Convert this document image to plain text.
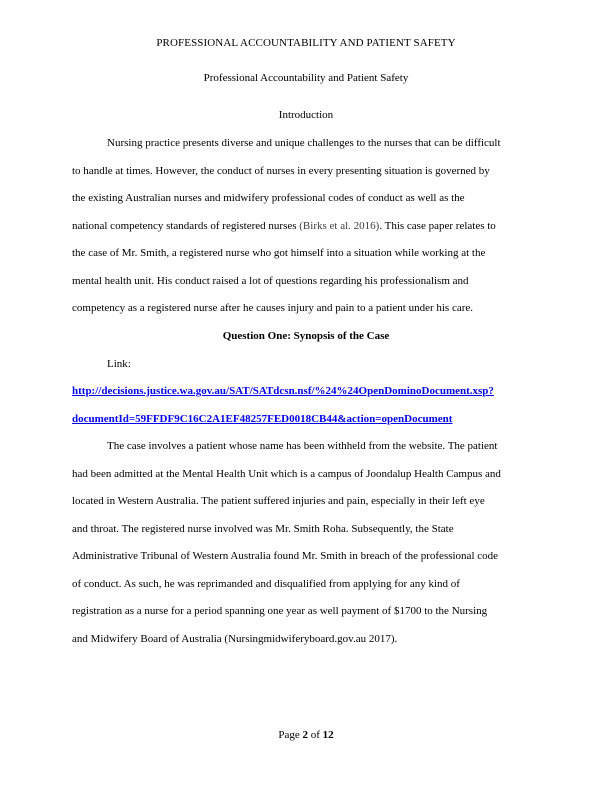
PROFESSIONAL ACCOUNTABILITY AND PATIENT SAFETY
Professional Accountability and Patient Safety
Introduction
Nursing practice presents diverse and unique challenges to the nurses that can be difficult
to handle at times. However, the conduct of nurses in every presenting situation is governed by
the existing Australian nurses and midwifery professional codes of conduct as well as the
national competency standards of registered nurses (Birks et al. 2016). This case paper relates to
the case of Mr. Smith, a registered nurse who got himself into a situation while working at the
mental health unit. His conduct raised a lot of questions regarding his professionalism and
competency as a registered nurse after he causes injury and pain to a patient under his care.
Question One: Synopsis of the Case
Link:
http://decisions.justice.wa.gov.au/SAT/SATdcsn.nsf/%24%24OpenDominoDocument.xsp?
documentId=59FFDF9C16C2A1EF48257FED0018CB44&action=openDocument
The case involves a patient whose name has been withheld from the website. The patient
had been admitted at the Mental Health Unit which is a campus of Joondalup Health Campus and
located in Western Australia. The patient suffered injuries and pain, especially in their left eye
and throat. The registered nurse involved was Mr. Smith Roha. Subsequently, the State
Administrative Tribunal of Western Australia found Mr. Smith in breach of the professional code
of conduct. As such, he was reprimanded and disqualified from applying for any kind of
registration as a nurse for a period spanning one year as well payment of $1700 to the Nursing
and Midwifery Board of Australia (Nursingmidwiferyboard.gov.au 2017).
Page 2 of 12
